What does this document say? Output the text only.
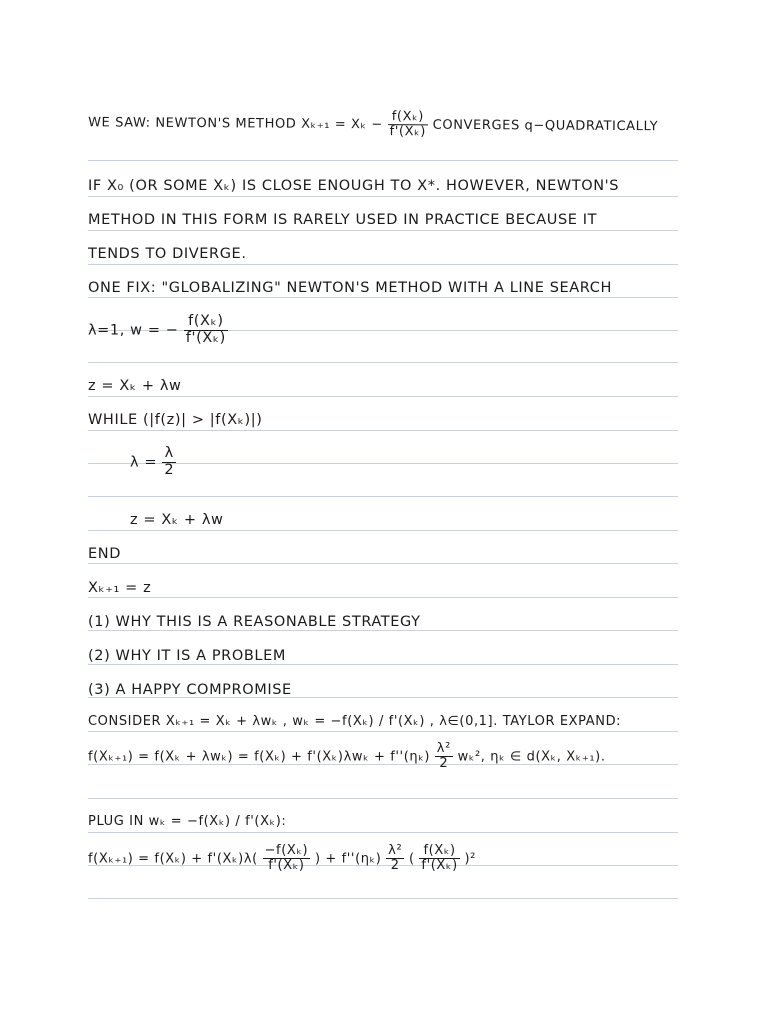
WE SAW: NEWTON'S METHOD $X_{k+1} = X_k - \frac{\text{f(Xₖ)}}{\text{f'(Xₖ)}}$ CONVERGES q−QUADRATICALLY
IF X₀ (OR SOME Xₖ) IS CLOSE ENOUGH TO X*. HOWEVER, NEWTON'S
METHOD IN THIS FORM IS RARELY USED IN PRACTICE BECAUSE IT
TENDS TO DIVERGE.
ONE FIX: "GLOBALIZING" NEWTON'S METHOD WITH A LINE SEARCH
λ=1, w = − $\frac{\text{f(Xₖ)}}{\text{f'(Xₖ)}}$
z = Xₖ + λw
WHILE (|f(z)| > |f(Xₖ)|)
$\lambda = \frac{\lambda}{2}$
z = Xₖ + λw
END
Xₖ₊₁ = z
(1) WHY THIS IS A REASONABLE STRATEGY
(2) WHY IT IS A PROBLEM
(3) A HAPPY COMPROMISE
CONSIDER Xₖ₊₁ = Xₖ + λwₖ , wₖ = −f(Xₖ) / f'(Xₖ) , λ∈(0,1]. TAYLOR EXPAND:
$f(X_{k+1}) = f(X_k + \lambda w_k) = f(X_k) + f'(X_k)\lambda w_k + f''(\eta_k) \frac{\text{λ²}}{2} w_k^2$, ηₖ ∈ d(Xₖ, Xₖ₊₁).
PLUG IN wₖ = −f(Xₖ) / f'(Xₖ):
$f(X_{k+1}) = f(X_k) + f'(X_k)\lambda( \frac{\text{−f(Xₖ)}}{\text{f'(Xₖ)}}$ ) + $f''(\eta_k) \frac{\text{λ²}}{2}$ ( $\frac{\text{f(Xₖ)}}{\text{f'(Xₖ)}} )^2$
